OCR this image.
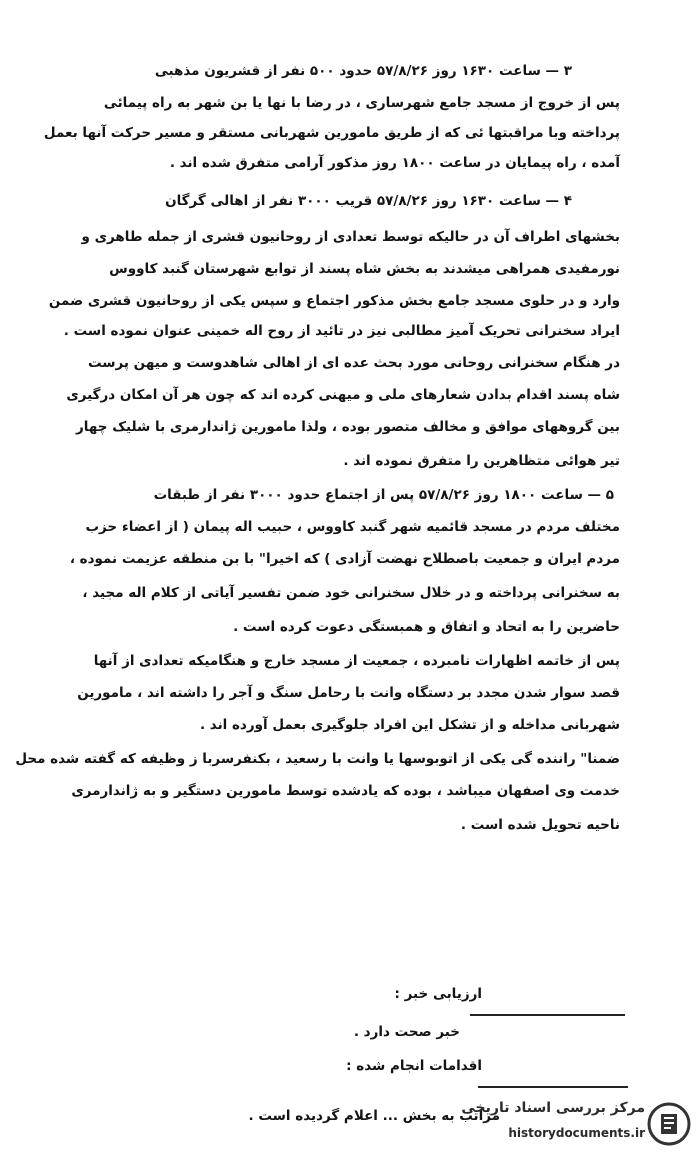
۳ — ساعت ۱۶۳۰ روز ۵۷/۸/۲۶ حدود ۵۰۰ نفر از قشریون مذهبی
پس از خروج از مسجد جامع شهرساری ، در رضا با نها یا بن شهر به راه پیمائی
پرداخته وبا مراقبتها ئی که از طریق مامورین شهربانی مستقر و مسیر حرکت آنها بعمل
آمده ، راه پیمایان در ساعت ۱۸۰۰ روز مذکور آرامی متفرق شده اند .
۴ — ساعت ۱۶۳۰ روز ۵۷/۸/۲۶ قریب ۳۰۰۰ نفر از اهالی گرگان
بخشهای اطراف آن در حالیکه توسط تعدادی از روحانیون قشری از جمله طاهری و
نورمفیدی همراهی میشدند به بخش شاه پسند از توابع شهرستان گنبد کاووس
وارد و در حلوی مسجد جامع بخش مذکور اجتماع و سپس یکی از روحانیون قشری ضمن
ایراد سخنرانی تحریک آمیز مطالبی نیز در تائید از روح اله خمینی عنوان نموده است .
در هنگام سخنرانی روحانی مورد بحث عده ای از اهالی شاهدوست و میهن پرست
شاه پسند اقدام بدادن شعارهای ملی و میهنی کرده اند که چون هر آن امکان درگیری
بین گروههای موافق و مخالف متصور بوده ، ولذا مامورین ژاندارمری با شلیک چهار
تیر هوائی متظاهرین را متفرق نموده اند .
۵ — ساعت ۱۸۰۰ روز ۵۷/۸/۲۶ پس از اجتماع حدود ۳۰۰۰ نفر از طبقات
مختلف مردم در مسجد قائمیه شهر گنبد کاووس ، حبیب اله پیمان ( از اعضاء حزب
مردم ایران و جمعیت باصطلاح نهضت آزادی ) که اخیرا" با بن منطقه عزیمت نموده ،
به سخنرانی پرداخته و در خلال سخنرانی خود ضمن تفسیر آیاتی از کلام اله مجید ،
حاضرین را به اتحاد و اتفاق و همبستگی دعوت کرده است .
پس از خاتمه اظهارات نامبرده ، جمعیت از مسجد خارج و هنگامیکه تعدادی از آنها
قصد سوار شدن مجدد بر دستگاه وانت با رحامل سنگ و آجر را داشته اند ، مامورین
شهربانی مداخله و از تشکل این افراد جلوگیری بعمل آورده اند .
ضمنا" راننده گی یکی از اتوبوسها یا وانت با رسعید ، بکنفرسربا ز وظیفه که گفته شده محل
خدمت وی اصفهان میباشد ، بوده که یادشده توسط مامورین دستگیر و به ژاندارمری
ناحیه تحویل شده است .
ارزیابی خبر :
خبر صحت دارد .
اقدامات انجام شده :
مراتب به بخش ... اعلام گردیده است .
مرکز بررسی اسناد تاریخی
historydocuments.ir
